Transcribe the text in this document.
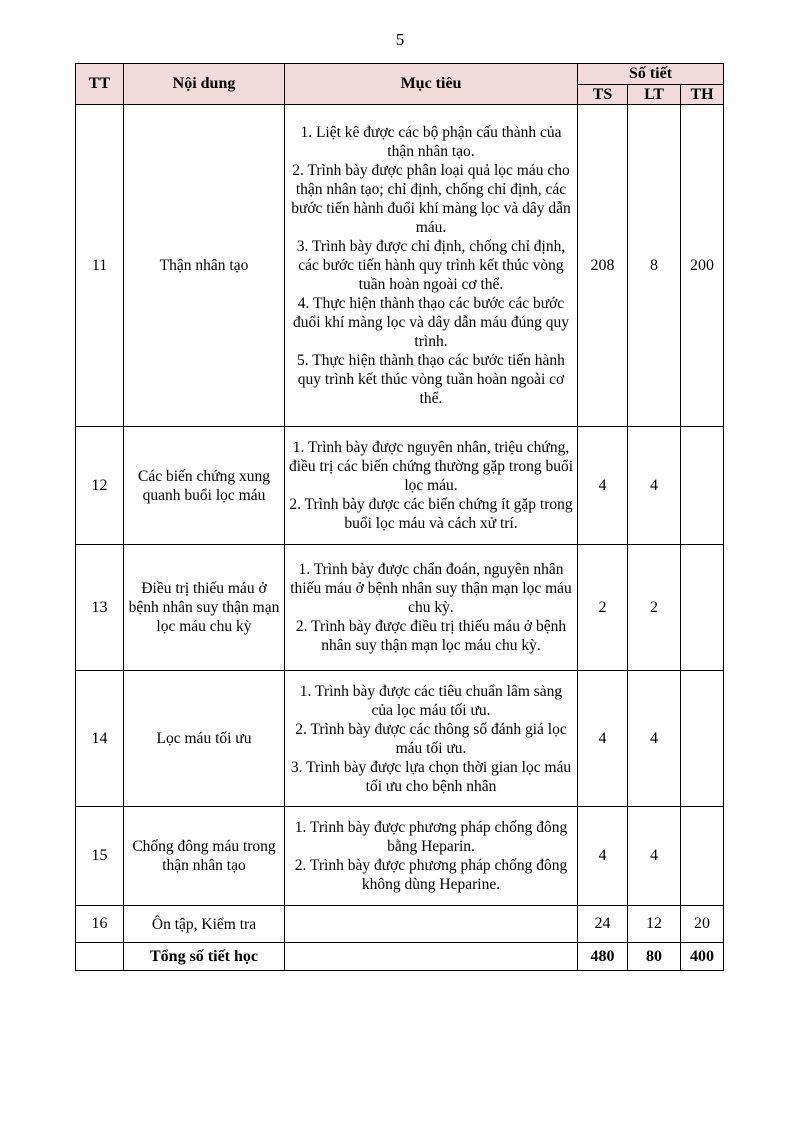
5
TT	Nội dung	Mục tiêu	Số tiết		
			TS	LT	TH
11	Thận nhân tạo	1. Liệt kê được các bộ phận cấu thành của thận nhân tạo.
2. Trình bày được phân loại quả lọc máu cho thận nhân tạo; chỉ định, chống chỉ định, các bước tiến hành đuổi khí màng lọc và dây dẫn máu.
3. Trình bày được chỉ định, chống chỉ định, các bước tiến hành quy trình kết thúc vòng tuần hoàn ngoài cơ thể.
4. Thực hiện thành thạo các bước các bước đuổi khí màng lọc và dây dẫn máu đúng quy trình.
5. Thực hiện thành thạo các bước tiến hành quy trình kết thúc vòng tuần hoàn ngoài cơ thể.	208	8	200
12	Các biến chứng xung quanh buổi lọc máu	1. Trình bày được nguyên nhân, triệu chứng, điều trị các biến chứng thường gặp trong buổi lọc máu.
2. Trình bày được các biến chứng ít gặp trong buổi lọc máu và cách xử trí.	4	4	
13	Điều trị thiếu máu ở bệnh nhân suy thận mạn lọc máu chu kỳ	1. Trình bày được chẩn đoán, nguyên nhân thiếu máu ở bệnh nhân suy thận mạn lọc máu chu kỳ.
2. Trình bày được điều trị thiếu máu ở bệnh nhân suy thận mạn lọc máu chu kỳ.	2	2	
14	Lọc máu tối ưu	1. Trình bày được các tiêu chuẩn lâm sàng của lọc máu tối ưu.
2. Trình bày được các thông số đánh giá lọc máu tối ưu.
3. Trình bày được lựa chọn thời gian lọc máu tối ưu cho bệnh nhân	4	4	
15	Chống đông máu trong thận nhân tạo	1. Trình bày được phương pháp chống đông bằng Heparin.
2. Trình bày được phương pháp chống đông không dùng Heparine.	4	4	
16	Ôn tập, Kiểm tra		24	12	20
	Tổng số tiết học		480	80	400
